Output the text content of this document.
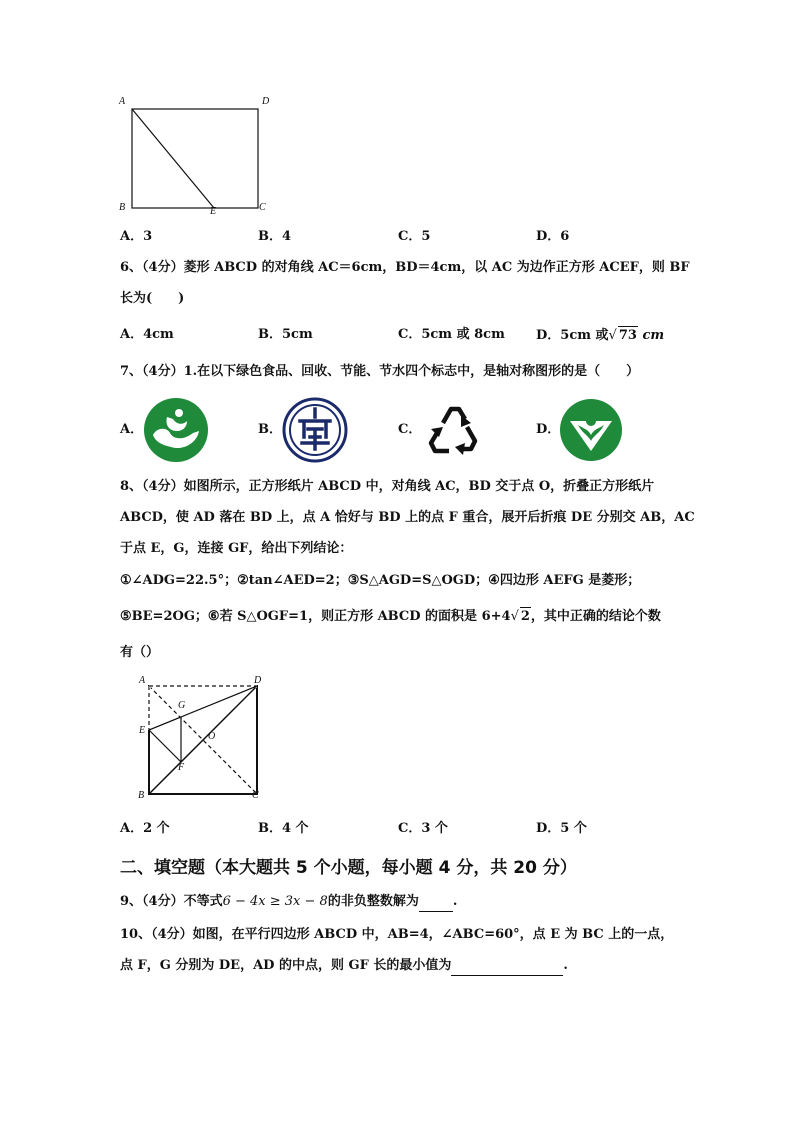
A	D
B	E	C
A．3	B．4	C．5	D．6
6、（4分）菱形 ABCD 的对角线 AC＝6cm，BD＝4cm，以 AC 为边作正方形 ACEF，则 BF
长为(　　)
A．4cm	B．5cm	C．5cm 或 8cm D．5cm 或√ 73 cm
7、（4分）1.在以下绿色食品、回收、节能、节水四个标志中，是轴对称图形的是（　　）
A．	B．	C．	D．
8、（4分）如图所示，正方形纸片 ABCD 中，对角线 AC，BD 交于点 O，折叠正方形纸片
ABCD，使 AD 落在 BD 上，点 A 恰好与 BD 上的点 F 重合，展开后折痕 DE 分别交 AB，AC
于点 E，G，连接 GF，给出下列结论：
①∠ADG=22.5°；②tan∠AED=2；③S△AGD=S△OGD；④四边形 AEFG 是菱形；
⑤BE=2OG；⑥若 S△OGF=1，则正方形 ABCD 的面积是 6+4√ 2，其中正确的结论个数
有（）
A	D
G
E
O
F
B	C
A．2 个	B．4 个	C．3 个	D．5 个
二、填空题（本大题共 5 个小题，每小题 4 分，共 20 分）
9、（4分）不等式6 − 4x ≥ 3x − 8的非负整数解为	.
10、（4分）如图，在平行四边形 ABCD 中，AB=4，∠ABC=60°，点 E 为 BC 上的一点，
点 F，G 分别为 DE，AD 的中点，则 GF 长的最小值为	.
